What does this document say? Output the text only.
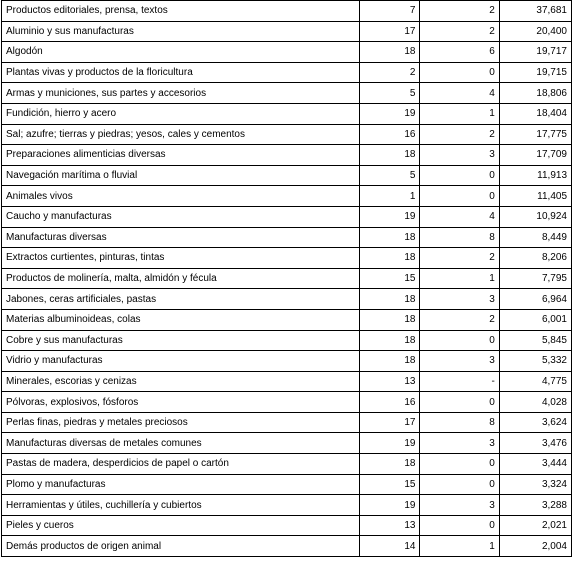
Productos editoriales, prensa, textos	7	2	37,681
Aluminio y sus manufacturas	17	2	20,400
Algodón	18	6	19,717
Plantas vivas y productos de la floricultura	2	0	19,715
Armas y municiones, sus partes y accesorios	5	4	18,806
Fundición, hierro y acero	19	1	18,404
Sal; azufre; tierras y piedras; yesos, cales y cementos	16	2	17,775
Preparaciones alimenticias diversas	18	3	17,709
Navegación marítima o fluvial	5	0	11,913
Animales vivos	1	0	11,405
Caucho y manufacturas	19	4	10,924
Manufacturas diversas	18	8	8,449
Extractos curtientes, pinturas, tintas	18	2	8,206
Productos de molinería, malta, almidón y fécula	15	1	7,795
Jabones, ceras artificiales, pastas	18	3	6,964
Materias albuminoideas, colas	18	2	6,001
Cobre y sus manufacturas	18	0	5,845
Vidrio y manufacturas	18	3	5,332
Minerales, escorias y cenizas	13	-	4,775
Pólvoras, explosivos, fósforos	16	0	4,028
Perlas finas, piedras y metales preciosos	17	8	3,624
Manufacturas diversas de metales comunes	19	3	3,476
Pastas de madera, desperdicios de papel o cartón	18	0	3,444
Plomo y manufacturas	15	0	3,324
Herramientas y útiles, cuchillería y cubiertos	19	3	3,288
Pieles y cueros	13	0	2,021
Demás productos de origen animal	14	1	2,004
